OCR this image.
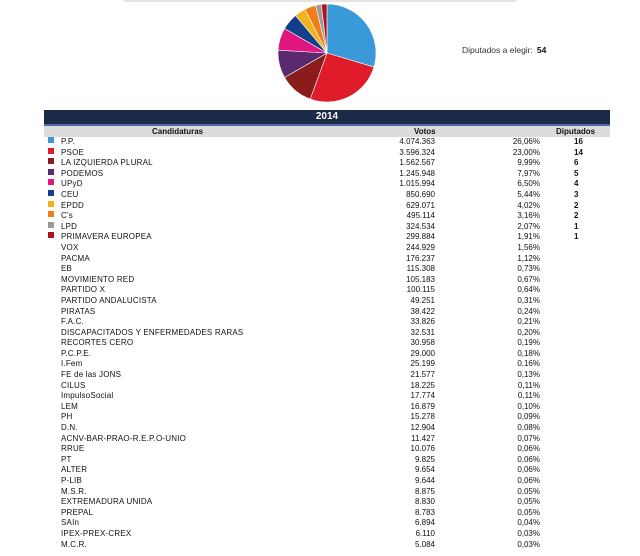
Diputados a elegir: 54
2014
Candidaturas	Votos	Diputados
P.P.	4.074.363	26,06%	16
PSOE	3.596.324	23,00%	14
LA IZQUIERDA PLURAL	1.562.567	9,99%	6
PODEMOS	1.245.948	7,97%	5
UPyD	1.015.994	6,50%	4
CEU	850.690	5,44%	3
EPDD	629.071	4,02%	2
C's	495.114	3,16%	2
LPD	324.534	2,07%	1
PRIMAVERA EUROPEA	299.884	1,91%	1
VOX	244.929	1,56%
PACMA	176.237	1,12%
EB	115.308	0,73%
MOVIMIENTO RED	105.183	0,67%
PARTIDO X	100.115	0,64%
PARTIDO ANDALUCISTA	49.251	0,31%
PIRATAS	38.422	0,24%
F.A.C.	33.826	0,21%
DISCAPACITADOS Y ENFERMEDADES RARAS	32.531	0,20%
RECORTES CERO	30.958	0,19%
P.C.P.E.	29.000	0,18%
I.Fem	25.199	0,16%
FE de las JONS	21.577	0,13%
CILUS	18.225	0,11%
ImpulsoSocial	17.774	0,11%
LEM	16.879	0,10%
PH	15.278	0,09%
D.N.	12.904	0,08%
ACNV-BAR-PRAO-R.E.P.O-UNIO	11.427	0,07%
RRUE	10.076	0,06%
PT	9.825	0,06%
ALTER	9.654	0,06%
P-LIB	9.644	0,06%
M.S.R.	8.875	0,05%
EXTREMADURA UNIDA	8.830	0,05%
PREPAL	8.783	0,05%
SAIn	6.894	0,04%
IPEX-PREX-CREX	6.110	0,03%
M.C.R.	5.084	0,03%
